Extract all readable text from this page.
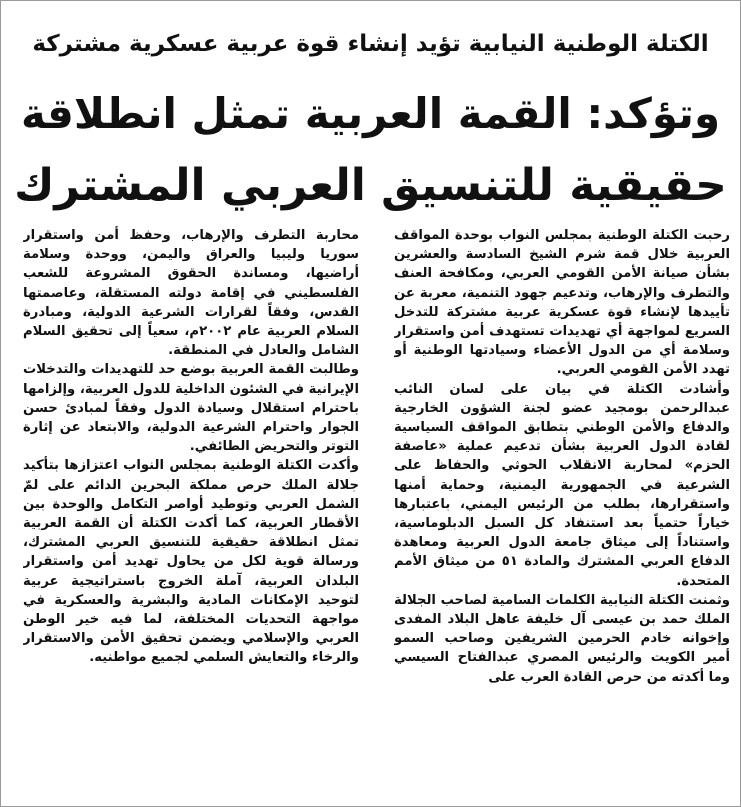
الكتلة الوطنية النيابية تؤيد إنشاء قوة عربية عسكرية مشتركة
وتؤكد: القمة العربية تمثل انطلاقة
حقيقية للتنسيق العربي المشترك

رحبت الكتلة الوطنية بمجلس النواب بوحدة المواقف العربية خلال قمة شرم الشيخ السادسة والعشرين بشأن صيانة الأمن القومي العربي، ومكافحة العنف والتطرف والإرهاب، وتدعيم جهود التنمية، معربة عن تأييدها لإنشاء قوة عسكرية عربية مشتركة للتدخل السريع لمواجهة أي تهديدات تستهدف أمن واستقرار وسلامة أي من الدول الأعضاء وسيادتها الوطنية أو تهدد الأمن القومي العربي.

وأشادت الكتلة في بيان على لسان النائب عبدالرحمن بومجيد عضو لجنة الشؤون الخارجية والدفاع والأمن الوطني بتطابق المواقف السياسية لقادة الدول العربية بشأن تدعيم عملية «عاصفة الحزم» لمحاربة الانقلاب الحوثي والحفاظ على الشرعية في الجمهورية اليمنية، وحماية أمنها واستقرارها، بطلب من الرئيس اليمني، باعتبارها خياراً حتمياً بعد استنفاد كل السبل الدبلوماسية، واستناداً إلى ميثاق جامعة الدول العربية ومعاهدة الدفاع العربي المشترك والمادة ٥١ من ميثاق الأمم المتحدة.

وثمنت الكتلة النيابية الكلمات السامية لصاحب الجلالة الملك حمد بن عيسى آل خليفة عاهل البلاد المفدى وإخوانه خادم الحرمين الشريفين وصاحب السمو أمير الكويت والرئيس المصري عبدالفتاح السيسي وما أكدته من حرص القادة العرب على

محاربة التطرف والإرهاب، وحفظ أمن واستقرار سوريا وليبيا والعراق واليمن، ووحدة وسلامة أراضيها، ومساندة الحقوق المشروعة للشعب الفلسطيني في إقامة دولته المستقلة، وعاصمتها القدس، وفقاً لقرارات الشرعية الدولية، ومبادرة السلام العربية عام ٢٠٠٢م، سعياً إلى تحقيق السلام الشامل والعادل في المنطقة.

وطالبت القمة العربية بوضع حد للتهديدات والتدخلات الإيرانية في الشئون الداخلية للدول العربية، وإلزامها باحترام استقلال وسيادة الدول وفقاً لمبادئ حسن الجوار واحترام الشرعية الدولية، والابتعاد عن إثارة التوتر والتحريض الطائفي.

وأكدت الكتلة الوطنية بمجلس النواب اعتزازها بتأكيد جلالة الملك حرص مملكة البحرين الدائم على لمّ الشمل العربي وتوطيد أواصر التكامل والوحدة بين الأقطار العربية، كما أكدت الكتلة أن القمة العربية تمثل انطلاقة حقيقية للتنسيق العربي المشترك، ورسالة قوية لكل من يحاول تهديد أمن واستقرار البلدان العربية، آملة الخروج باستراتيجية عربية لتوحيد الإمكانات المادية والبشرية والعسكرية في مواجهة التحديات المختلفة، لما فيه خير الوطن العربي والإسلامي ويضمن تحقيق الأمن والاستقرار والرخاء والتعايش السلمي لجميع مواطنيه.
